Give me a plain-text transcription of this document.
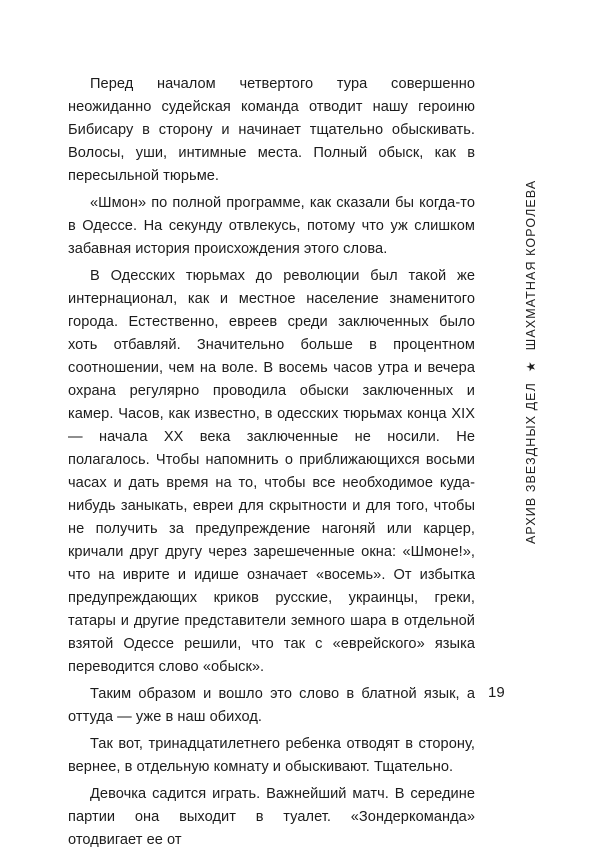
Перед началом четвертого тура совершенно неожиданно судейская команда отводит нашу героиню Бибисару в сторону и начинает тщательно обыскивать. Волосы, уши, интимные места. Полный обыск, как в пересыльной тюрьме.

«Шмон» по полной программе, как сказали бы когда-то в Одессе. На секунду отвлекусь, потому что уж слишком забавная история происхождения этого слова.

В Одесских тюрьмах до революции был такой же интернационал, как и местное население знаменитого города. Естественно, евреев среди заключенных было хоть отбавляй. Значительно больше в процентном соотношении, чем на воле. В восемь часов утра и вечера охрана регулярно проводила обыски заключенных и камер. Часов, как известно, в одесских тюрьмах конца XIX — начала XX века заключенные не носили. Не полагалось. Чтобы напомнить о приближающихся восьми часах и дать время на то, чтобы все необходимое куда-нибудь заныкать, евреи для скрытности и для того, чтобы не получить за предупреждение нагоняй или карцер, кричали друг другу через зарешеченные окна: «Шмоне!», что на иврите и идише означает «восемь». От избытка предупреждающих криков русские, украинцы, греки, татары и другие представители земного шара в отдельной взятой Одессе решили, что так с «еврейского» языка переводится слово «обыск».

Таким образом и вошло это слово в блатной язык, а оттуда — уже в наш обиход.

Так вот, тринадцатилетнего ребенка отводят в сторону, вернее, в отдельную комнату и обыскивают. Тщательно.

Девочка садится играть. Важнейший матч. В середине партии она выходит в туалет. «Зондеркоманда» отодвигает ее от

АРХИВ ЗВЕЗДНЫХ ДЕЛ★ШАХМАТНАЯ КОРОЛЕВА
19
